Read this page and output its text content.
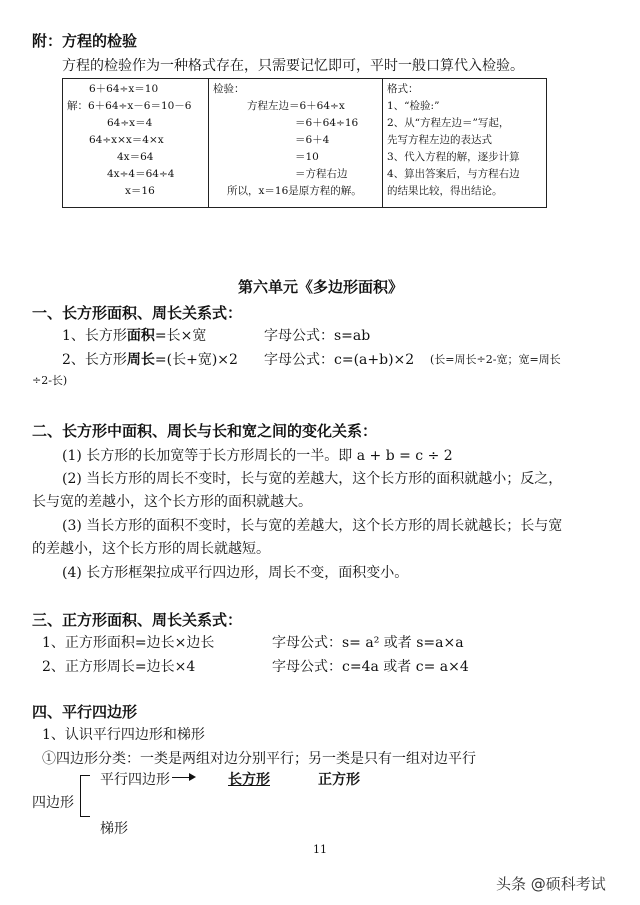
附：方程的检验
方程的检验作为一种格式存在，只需要记忆即可，平时一般口算代入检验。
6＋64÷x＝10
解：6＋64÷x－6＝10－6
64÷x＝4
64÷x×x＝4×x
4x＝64
4x÷4＝64÷4
x＝16

检验：
方程左边＝6＋64÷x
＝6＋64÷16
＝6＋4
＝10
＝方程右边
所以，x＝16是原方程的解。

格式：
1、“检验:”
2、从“方程左边＝”写起，
先写方程左边的表达式
3、代入方程的解，逐步计算
4、算出答案后，与方程右边
的结果比较，得出结论。
第六单元《多边形面积》
一、长方形面积、周长关系式：
1、长方形面积=长×宽	字母公式：s=ab
2、长方形周长=(长+宽)×2 字母公式：c=(a+b)×2 (长=周长÷2-宽；宽=周长
÷2-长)
二、长方形中面积、周长与长和宽之间的变化关系：
(1) 长方形的长加宽等于长方形周长的一半。即 a + b = c ÷ 2
(2) 当长方形的周长不变时，长与宽的差越大，这个长方形的面积就越小；反之，
长与宽的差越小，这个长方形的面积就越大。
(3) 当长方形的面积不变时，长与宽的差越大，这个长方形的周长就越长；长与宽
的差越小，这个长方形的周长就越短。
(4) 长方形框架拉成平行四边形，周长不变，面积变小。
三、正方形面积、周长关系式：
1、正方形面积=边长×边长	字母公式：s= a² 或者 s=a×a
2、正方形周长=边长×4	字母公式：c=4a 或者 c= a×4
四、平行四边形
1、认识平行四边形和梯形
①四边形分类：一类是两组对边分别平行；另一类是只有一组对边平行
四边形
平行四边形	长方形	正方形
梯形
11
头条 @硕科考试
